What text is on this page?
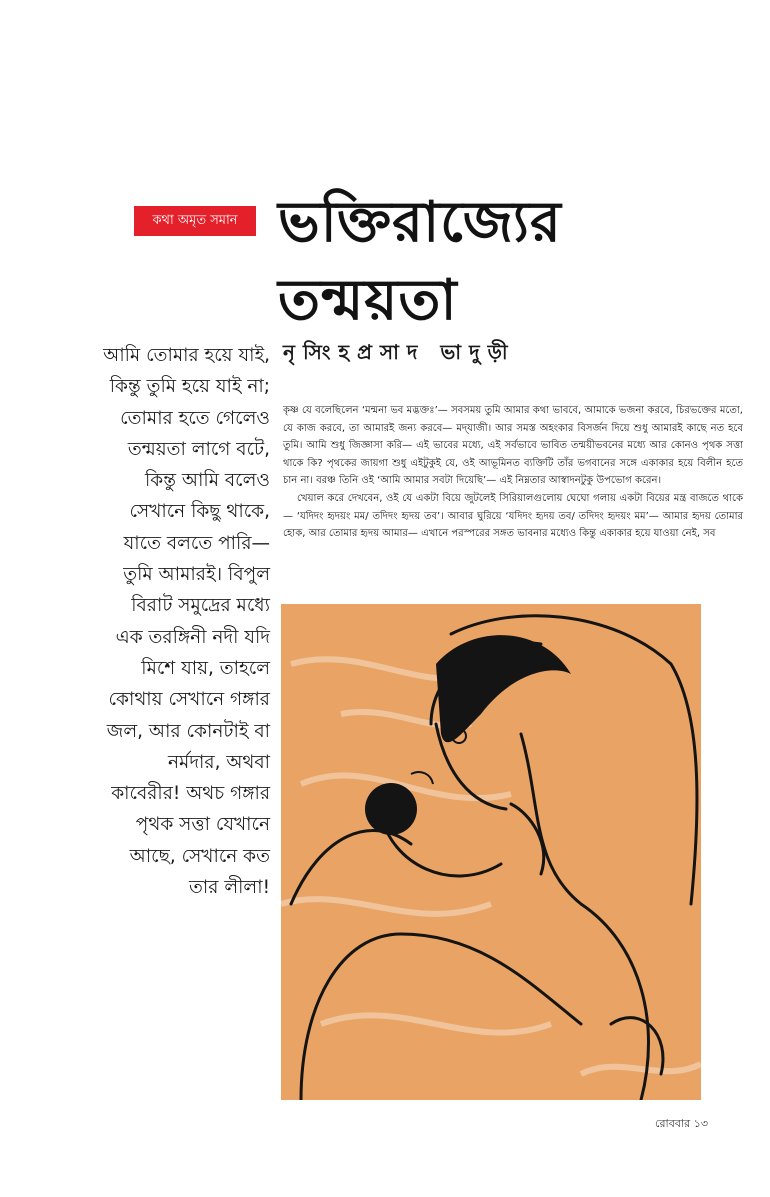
কথা অমৃত সমান ভক্তিরাজ্যের
তন্ময়তা
নৃসিংহপ্রসাদ ভাদুড়ী

আমি তোমার হয়ে যাই,
কিন্তু তুমি হয়ে যাই না;
তোমার হতে গেলেও
তন্ময়তা লাগে বটে,
কিন্তু আমি বলেও
সেখানে কিছু থাকে,
যাতে বলতে পারি—
তুমি আমারই। বিপুল
বিরাট সমুদ্রের মধ্যে
এক তরঙ্গিনী নদী যদি
মিশে যায়, তাহলে
কোথায় সেখানে গঙ্গার
জল, আর কোনটাই বা
নর্মদার, অথবা
কাবেরীর! অথচ গঙ্গার
পৃথক সত্তা যেখানে
আছে, সেখানে কত
তার লীলা!

কৃষ্ণ যে বলেছিলেন ‘মন্মনা ভব মদ্ভক্তঃ’— সবসময় তুমি আমার কথা ভাববে, আমাকে ভজনা করবে, চিরভক্তের মতো, যে কাজ করবে, তা আমারই জন্য করবে— মদ্‌যাজী। আর সমস্ত অহংকার বিসর্জন দিয়ে শুধু আমারই কাছে নত হবে তুমি। আমি শুধু জিজ্ঞাসা করি— এই ভাবের মধ্যে, এই সর্বভাবে ভাবিত তন্ময়ীভবনের মধ্যে আর কোনও পৃথক সত্তা থাকে কি? পৃথকের জায়গা শুধু এইটুকুই যে, ওই আভূমিনত ব্যক্তিটি তাঁর ভগবানের সঙ্গে একাকার হয়ে বিলীন হতে চান না। বরঞ্চ তিনি ওই ‘আমি আমার সবটা দিয়েছি’— এই নিম্নতার আস্বাদনটুকু উপভোগ করেন।

খেয়াল করে দেখবেন, ওই যে একটা বিয়ে জুটলেই সিরিয়ালগুলোয় ঘেঘো গলায় একটা বিয়ের মন্ত্র বাজতে থাকে— ‘যদিদং হৃদয়ং মম/ তদিদং হৃদয় তব’। আবার ঘুরিয়ে ‘যদিদং হৃদয় তব/ তদিদং হৃদয়ং মম’— আমার হৃদয় তোমার হোক, আর তোমার হৃদয় আমার— এখানে পরস্পরের সঙ্গত ভাবনার মধ্যেও কিন্তু একাকার হয়ে যাওয়া নেই, সব

রোববার ১৩
